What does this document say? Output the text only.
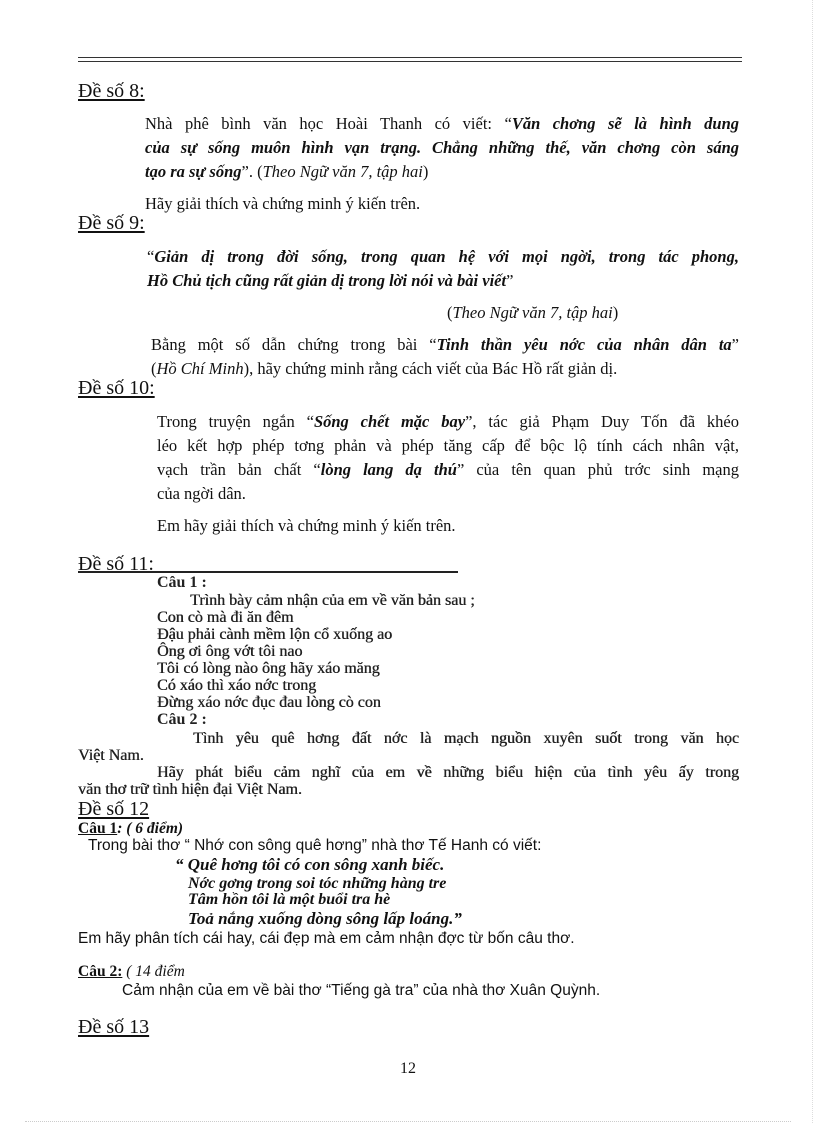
Đề số 8:
Nhà phê bình văn học Hoài Thanh có viết: “Văn chơng sẽ là hình dung
của sự sống muôn hình vạn trạng. Chẳng những thế, văn chơng còn sáng
tạo ra sự sống”. (Theo Ngữ văn 7, tập hai)
Hãy giải thích và chứng minh ý kiến trên.
Đề số 9:
“Giản dị trong đời sống, trong quan hệ với mọi ngời, trong tác phong,
Hồ Chủ tịch cũng rất giản dị trong lời nói và bài viết”
(Theo Ngữ văn 7, tập hai)
Bằng một số dẫn chứng trong bài “Tinh thần yêu nớc của nhân dân ta”
(Hồ Chí Minh), hãy chứng minh rằng cách viết của Bác Hồ rất giản dị.
Đề số 10:
Trong truyện ngắn “Sống chết mặc bay”, tác giả Phạm Duy Tốn đã khéo
léo kết hợp phép tơng phản và phép tăng cấp để bộc lộ tính cách nhân vật,
vạch trần bản chất “lòng lang dạ thú” của tên quan phủ trớc sinh mạng
của ngời dân.
Em hãy giải thích và chứng minh ý kiến trên.
Đề số 11:
Câu 1 :
Trình bày cảm nhận của em về văn bản sau ;
Con cò mà đi ăn đêm
Đậu phải cành mềm lộn cổ xuống ao
Ông ơi ông vớt tôi nao
Tôi có lòng nào ông hãy xáo măng
Có xáo thì xáo nớc trong
Đừng xáo nớc đục đau lòng cò con
Câu 2 :
Tình yêu quê hơng đất nớc là mạch nguồn xuyên suốt trong văn học
Việt Nam.
Hãy phát biểu cảm nghĩ của em về những biểu hiện của tình yêu ấy trong
văn thơ trữ tình hiện đại Việt Nam.
Đề số 12
Câu 1: ( 6 điểm)
Trong bài thơ “ Nhớ con sông quê hơng” nhà thơ Tế Hanh có viết:
“ Quê hơng tôi có con sông xanh biếc.
Nớc gơng trong soi tóc những hàng tre
Tâm hồn tôi là một buổi tra hè
Toả nắng xuống dòng sông lấp loáng.”
Em hãy phân tích cái hay, cái đẹp mà em cảm nhận đợc từ bốn câu thơ.
Câu 2: ( 14 điểm
Cảm nhận của em về bài thơ “Tiếng gà tra” của nhà thơ Xuân Quỳnh.
Đề số 13
12
